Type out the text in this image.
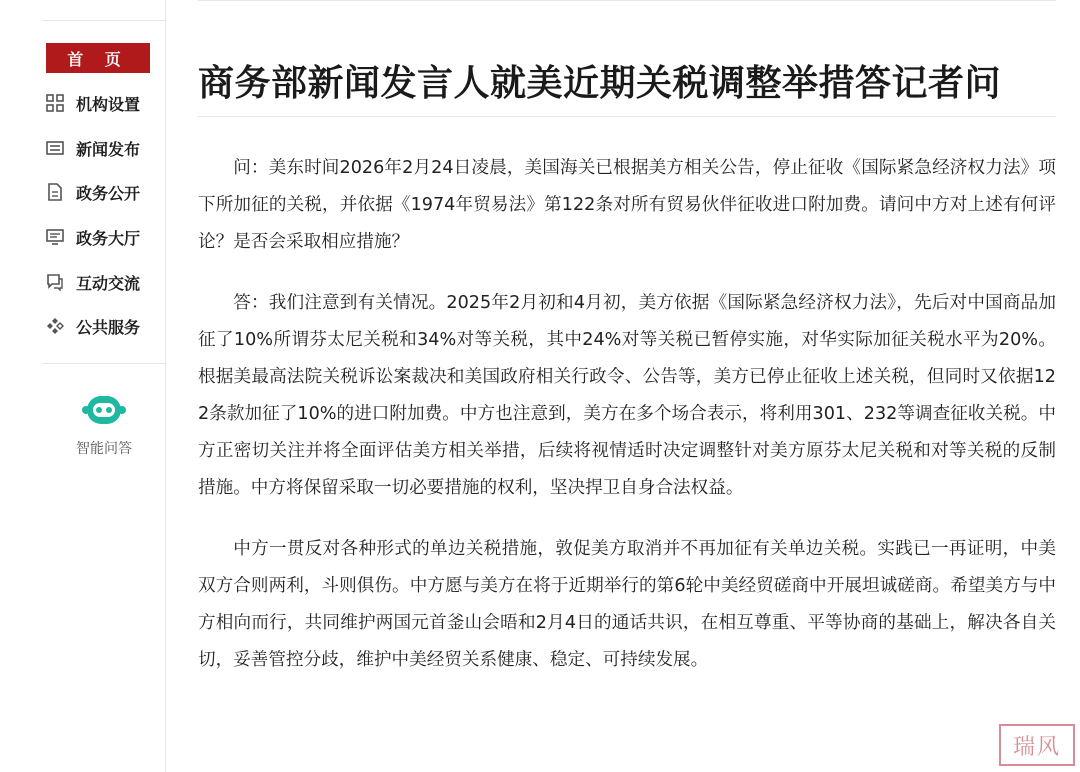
首 页
机构设置
新闻发布
政务公开
政务大厅
互动交流
公共服务
智能问答
商务部新闻发言人就美近期关税调整举措答记者问

问：美东时间2026年2月24日凌晨，美国海关已根据美方相关公告，停止征收《国际紧急经济权力法》项下所加征的关税，并依据《1974年贸易法》第122条对所有贸易伙伴征收进口附加费。请问中方对上述有何评论？是否会采取相应措施？

答：我们注意到有关情况。2025年2月初和4月初，美方依据《国际紧急经济权力法》，先后对中国商品加征了10%所谓芬太尼关税和34%对等关税，其中24%对等关税已暂停实施，对华实际加征关税水平为20%。根据美最高法院关税诉讼案裁决和美国政府相关行政令、公告等，美方已停止征收上述关税，但同时又依据122条款加征了10%的进口附加费。中方也注意到，美方在多个场合表示，将利用301、232等调查征收关税。中方正密切关注并将全面评估美方相关举措，后续将视情适时决定调整针对美方原芬太尼关税和对等关税的反制措施。中方将保留采取一切必要措施的权利，坚决捍卫自身合法权益。

中方一贯反对各种形式的单边关税措施，敦促美方取消并不再加征有关单边关税。实践已一再证明，中美双方合则两利，斗则俱伤。中方愿与美方在将于近期举行的第6轮中美经贸磋商中开展坦诚磋商。希望美方与中方相向而行，共同维护两国元首釜山会晤和2月4日的通话共识，在相互尊重、平等协商的基础上，解决各自关切，妥善管控分歧，维护中美经贸关系健康、稳定、可持续发展。

瑞风
